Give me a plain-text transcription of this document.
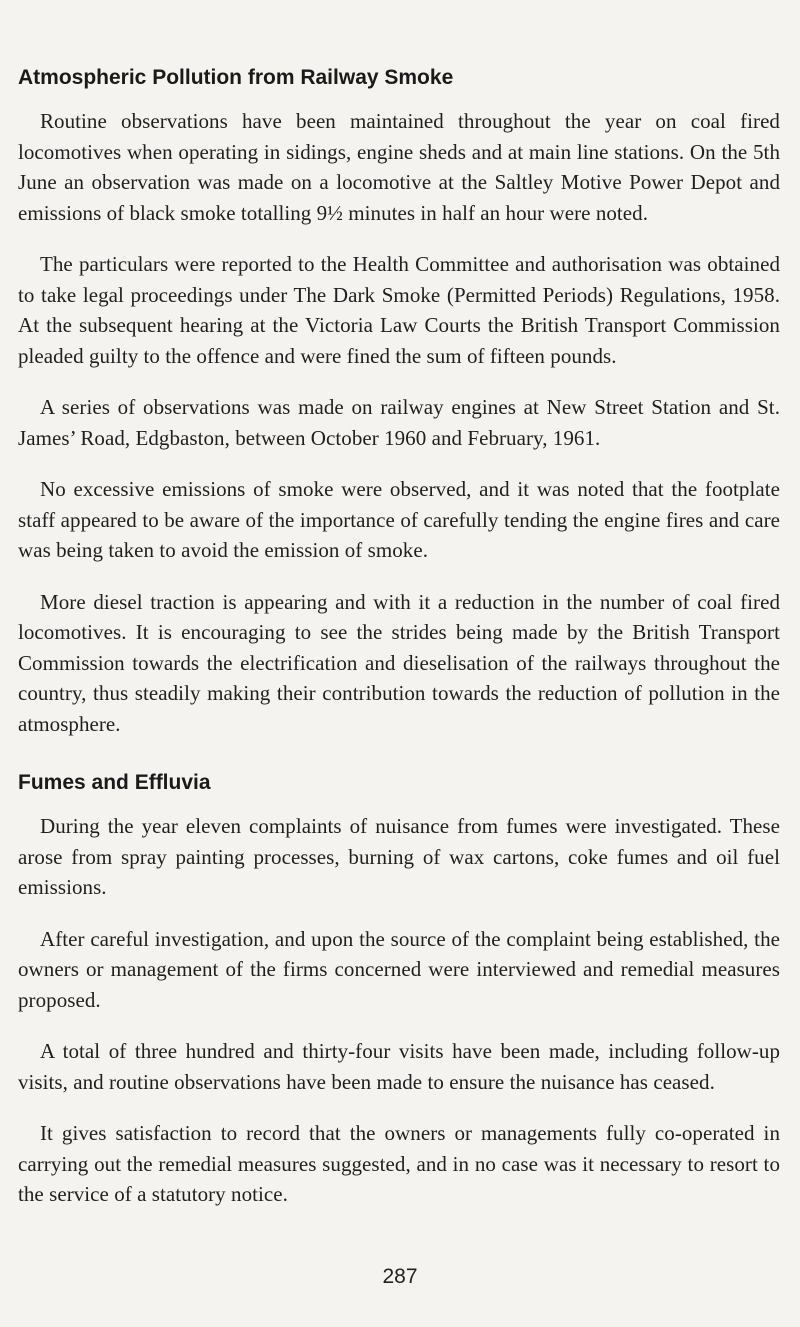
Atmospheric Pollution from Railway Smoke

Routine observations have been maintained throughout the year on coal fired locomotives when operating in sidings, engine sheds and at main line stations. On the 5th June an observation was made on a locomotive at the Saltley Motive Power Depot and emissions of black smoke totalling 9½ minutes in half an hour were noted.

The particulars were reported to the Health Committee and authorisation was obtained to take legal proceedings under The Dark Smoke (Permitted Periods) Regulations, 1958. At the subsequent hearing at the Victoria Law Courts the British Transport Commission pleaded guilty to the offence and were fined the sum of fifteen pounds.

A series of observations was made on railway engines at New Street Station and St. James’ Road, Edgbaston, between October 1960 and February, 1961.

No excessive emissions of smoke were observed, and it was noted that the footplate staff appeared to be aware of the importance of carefully tending the engine fires and care was being taken to avoid the emission of smoke.

More diesel traction is appearing and with it a reduction in the number of coal fired locomotives. It is encouraging to see the strides being made by the British Transport Commission towards the electrification and dieselisation of the railways throughout the country, thus steadily making their contribution towards the reduction of pollution in the atmosphere.

Fumes and Effluvia

During the year eleven complaints of nuisance from fumes were investigated. These arose from spray painting processes, burning of wax cartons, coke fumes and oil fuel emissions.

After careful investigation, and upon the source of the complaint being established, the owners or management of the firms concerned were interviewed and remedial measures proposed.

A total of three hundred and thirty-four visits have been made, including follow-up visits, and routine observations have been made to ensure the nuisance has ceased.

It gives satisfaction to record that the owners or managements fully co-operated in carrying out the remedial measures suggested, and in no case was it necessary to resort to the service of a statutory notice.

287
